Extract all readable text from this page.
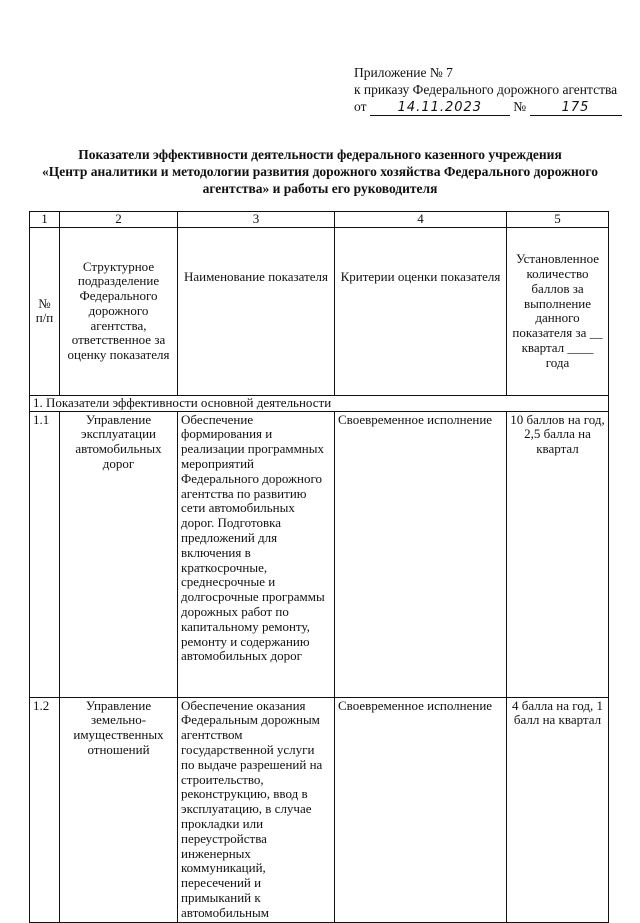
Приложение № 7
к приказу Федерального дорожного агентства
от 14.11.2023 №	175
Показатели эффективности деятельности федерального казенного учреждения
«Центр аналитики и методологии развития дорожного хозяйства Федерального дорожного
агентства» и работы его руководителя
1	2	3	4	5
№ п/п	Структурное подразделение Федерального дорожного агентства, ответственное за оценку показателя	Наименование показателя	Критерии оценки показателя	Установленное количество баллов за выполнение данного показателя за __ квартал ____ года
1. Показатели эффективности основной деятельности				
1.1	Управление эксплуатации автомобильных дорог	Обеспечение формирования и реализации программных мероприятий Федерального дорожного агентства по развитию сети автомобильных дорог. Подготовка предложений для включения в краткосрочные, среднесрочные и долгосрочные программы дорожных работ по капитальному ремонту, ремонту и содержанию автомобильных дорог	Своевременное исполнение	10 баллов на год, 2,5 балла на квартал
1.2	Управление земельно-имущественных отношений	Обеспечение оказания Федеральным дорожным агентством государственной услуги по выдаче разрешений на строительство, реконструкцию, ввод в эксплуатацию, в случае прокладки или переустройства инженерных коммуникаций, пересечений и примыканий к автомобильным	Своевременное исполнение	4 балла на год, 1 балл на квартал
